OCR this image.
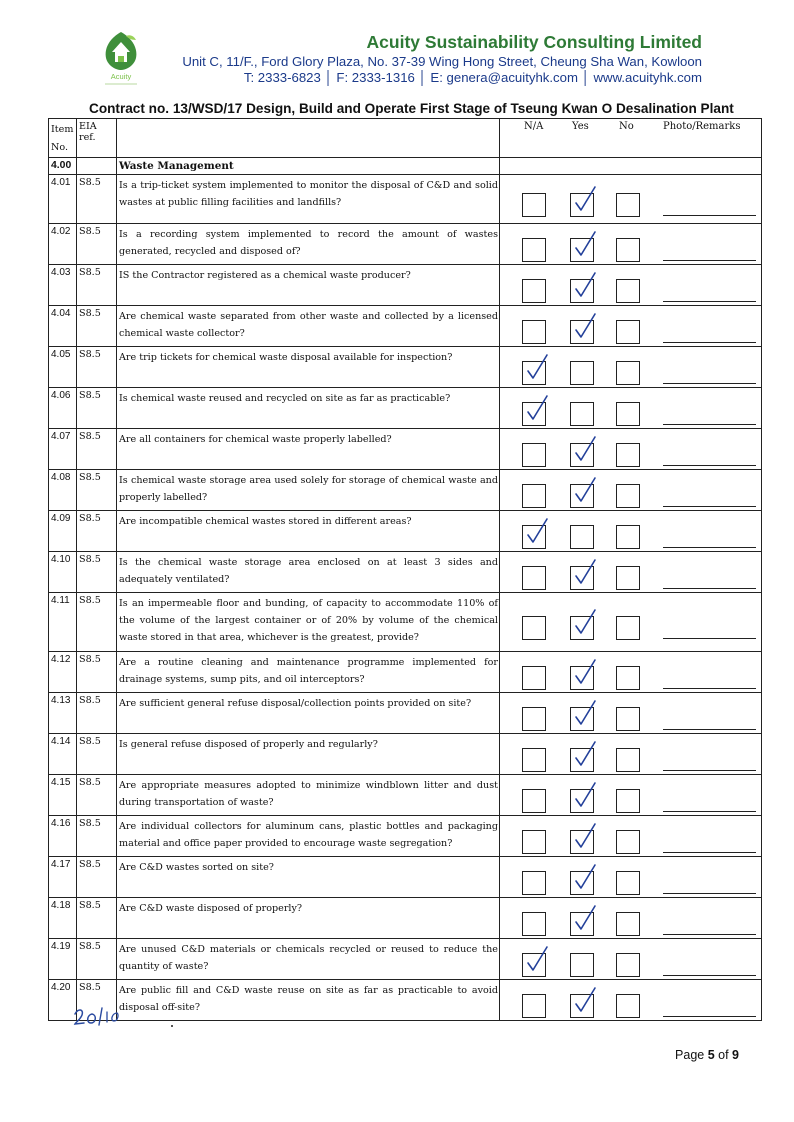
Acuity
Acuity Sustainability Consulting Limited
Unit C, 11/F., Ford Glory Plaza, No. 37-39 Wing Hong Street, Cheung Sha Wan, Kowloon
T: 2333-6823 │ F: 2333-1316 │ E: genera@acuityhk.com │ www.acuityhk.com
Contract no. 13/WSD/17 Design, Build and Operate First Stage of Tseung Kwan O Desalination Plant
Item No.	EIA ref.		N/A Yes No Photo/Remarks

4.00		Waste Management	
4.01	S8.5	Is a trip-ticket system implemented to monitor the disposal of C&D and solid wastes at public filling facilities and landfills?	

4.02	S8.5	Is a recording system implemented to record the amount of wastes generated, recycled and disposed of?	

4.03	S8.5	IS the Contractor registered as a chemical waste producer?	

4.04	S8.5	Are chemical waste separated from other waste and collected by a licensed chemical waste collector?	

4.05	S8.5	Are trip tickets for chemical waste disposal available for inspection?	

4.06	S8.5	Is chemical waste reused and recycled on site as far as practicable?	

4.07	S8.5	Are all containers for chemical waste properly labelled?	

4.08	S8.5	Is chemical waste storage area used solely for storage of chemical waste and properly labelled?	

4.09	S8.5	Are incompatible chemical wastes stored in different areas?	

4.10	S8.5	Is the chemical waste storage area enclosed on at least 3 sides and adequately ventilated?	

4.11	S8.5	Is an impermeable floor and bunding, of capacity to accommodate 110% of the volume of the largest container or of 20% by volume of the chemical waste stored in that area, whichever is the greatest, provide?	

4.12	S8.5	Are a routine cleaning and maintenance programme implemented for drainage systems, sump pits, and oil interceptors?	

4.13	S8.5	Are sufficient general refuse disposal/collection points provided on site?	

4.14	S8.5	Is general refuse disposed of properly and regularly?	

4.15	S8.5	Are appropriate measures adopted to minimize windblown litter and dust during transportation of waste?	

4.16	S8.5	Are individual collectors for aluminum cans, plastic bottles and packaging material and office paper provided to encourage waste segregation?	

4.17	S8.5	Are C&D wastes sorted on site?	

4.18	S8.5	Are C&D waste disposed of properly?	

4.19	S8.5	Are unused C&D materials or chemicals recycled or reused to reduce the quantity of waste?	

4.20	S8.5	Are public fill and C&D waste reuse on site as far as practicable to avoid disposal off-site?	
Page 5 of 9
